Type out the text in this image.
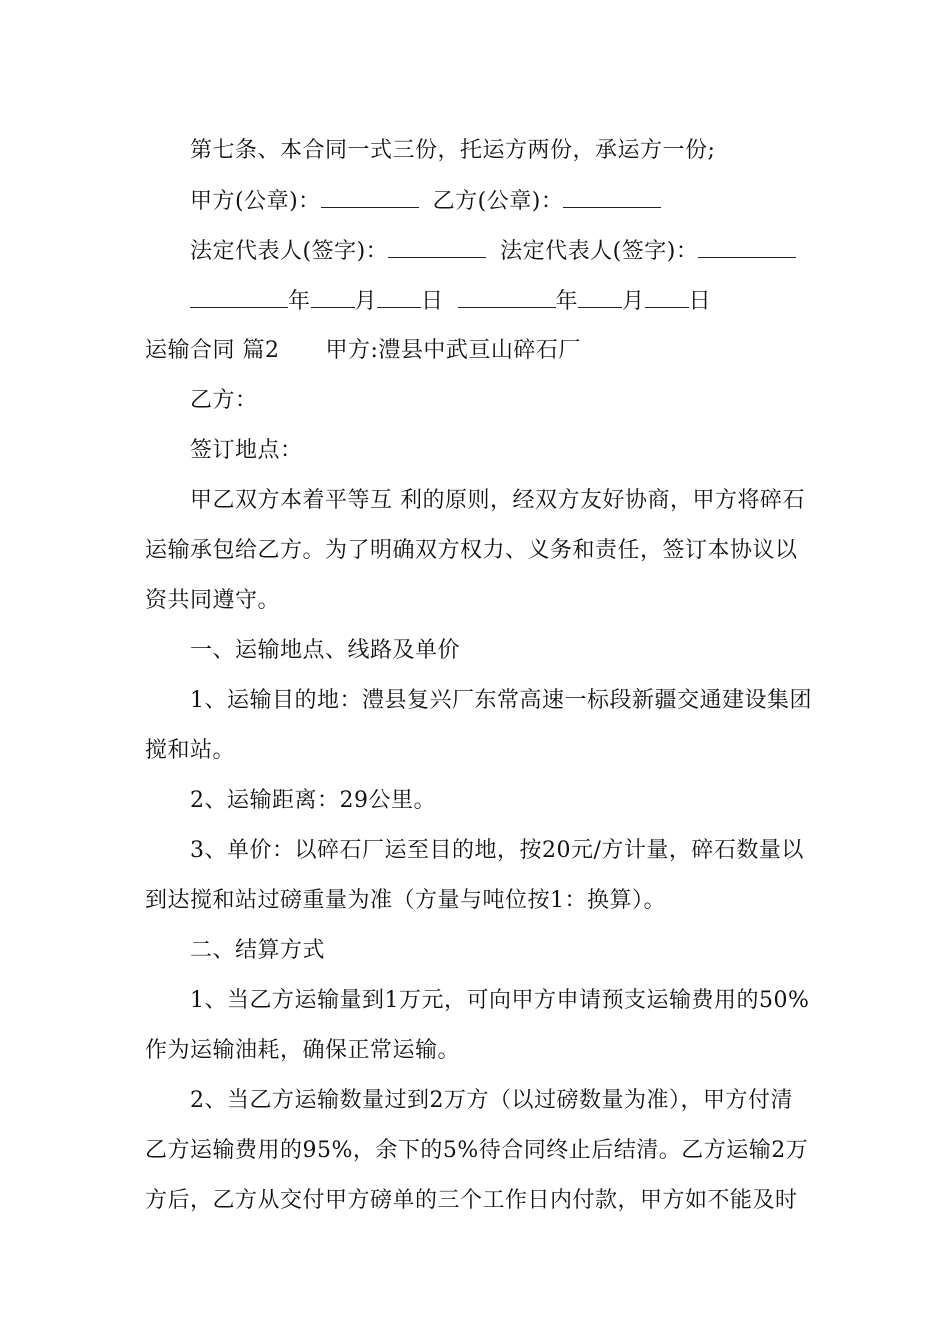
第七条、本合同一式三份，托运方两份，承运方一份;
甲方(公章)：	乙方(公章)：
法定代表人(签字)：	法定代表人(签字)：
年 月 日	年 月 日
运输合同 篇2 甲方:澧县中武亘山碎石厂
乙方：
签订地点：
甲乙双方本着平等互 利的原则，经双方友好协商，甲方将碎石
运输承包给乙方。为了明确双方权力、义务和责任，签订本协议以
资共同遵守。
一、运输地点、线路及单价
1、运输目的地：澧县复兴厂东常高速一标段新疆交通建设集团
搅和站。
2、运输距离：29公里。
3、单价：以碎石厂运至目的地，按20元/方计量，碎石数量以
到达搅和站过磅重量为准（方量与吨位按1：换算）。
二、结算方式
1、当乙方运输量到1万元，可向甲方申请预支运输费用的50%
作为运输油耗，确保正常运输。
2、当乙方运输数量过到2万方（以过磅数量为准），甲方付清
乙方运输费用的95%，余下的5%待合同终止后结清。乙方运输2万
方后，乙方从交付甲方磅单的三个工作日内付款，甲方如不能及时
